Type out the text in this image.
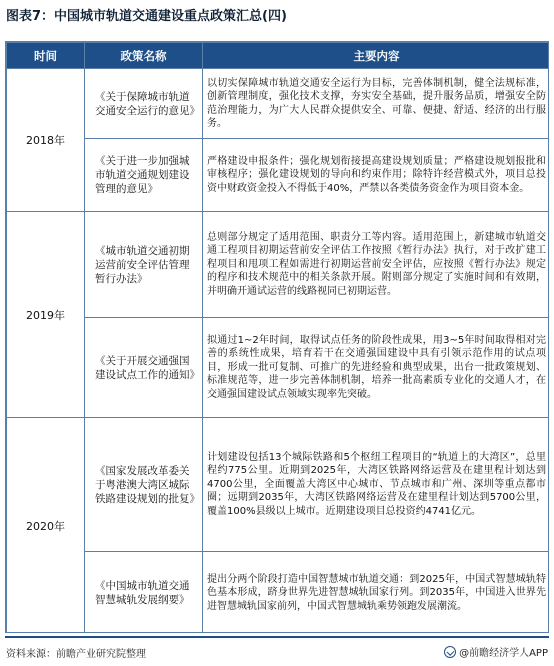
图表7：中国城市轨道交通建设重点政策汇总(四)
时间	政策名称	主要内容
2018年	《关于保障城市轨道交通安全运行的意见》	以切实保障城市轨道交通安全运行为目标，完善体制机制，健全法规标准，创新管理制度，强化技术支撑，夯实安全基础，提升服务品质，增强安全防范治理能力，为广大人民群众提供安全、可靠、便捷、舒适、经济的出行服务。
	《关于进一步加强城市轨道交通规划建设管理的意见》	严格建设申报条件；强化规划衔接提高建设规划质量；严格建设规划报批和审核程序；强化建设规划的导向和约束作用；除特许经营模式外，项目总投资中财政资金投入不得低于40%，严禁以各类债务资金作为项目资本金。
2019年	《城市轨道交通初期运营前安全评估管理暂行办法》	总则部分规定了适用范围、职责分工等内容。适用范围上，新建城市轨道交通工程项目初期运营前安全评估工作按照《暂行办法》执行，对于改扩建工程项目和甩项工程如需进行初期运营前安全评估，应按照《暂行办法》规定的程序和技术规范中的相关条款开展。附则部分规定了实施时间和有效期，并明确开通试运营的线路视同已初期运营。
	《关于开展交通强国建设试点工作的通知》	拟通过1~2年时间，取得试点任务的阶段性成果，用3~5年时间取得相对完善的系统性成果，培育若干在交通强国建设中具有引领示范作用的试点项目，形成一批可复制、可推广的先进经验和典型成果，出台一批政策规划、标准规范等，进一步完善体制机制，培养一批高素质专业化的交通人才，在交通强国建设试点领域实现率先突破。
2020年	《国家发展改革委关于粤港澳大湾区城际铁路建设规划的批复》	计划建设包括13个城际铁路和5个枢纽工程项目的“轨道上的大湾区”，总里程约775公里。近期到2025年，大湾区铁路网络运营及在建里程计划达到4700公里，全面覆盖大湾区中心城市、节点城市和广州、深圳等重点都市圈；远期到2035年，大湾区铁路网络运营及在建里程计划达到5700公里，覆盖100%县级以上城市。近期建设项目总投资约4741亿元。
	《中国城市轨道交通智慧城轨发展纲要》	提出分两个阶段打造中国智慧城市轨道交通：到2025年，中国式智慧城轨特色基本形成，跻身世界先进智慧城轨国家行列。到2035年，中国进入世界先进智慧城轨国家前列，中国式智慧城轨乘势领跑发展潮流。
资料来源：前瞻产业研究院整理	@前瞻经济学人APP
